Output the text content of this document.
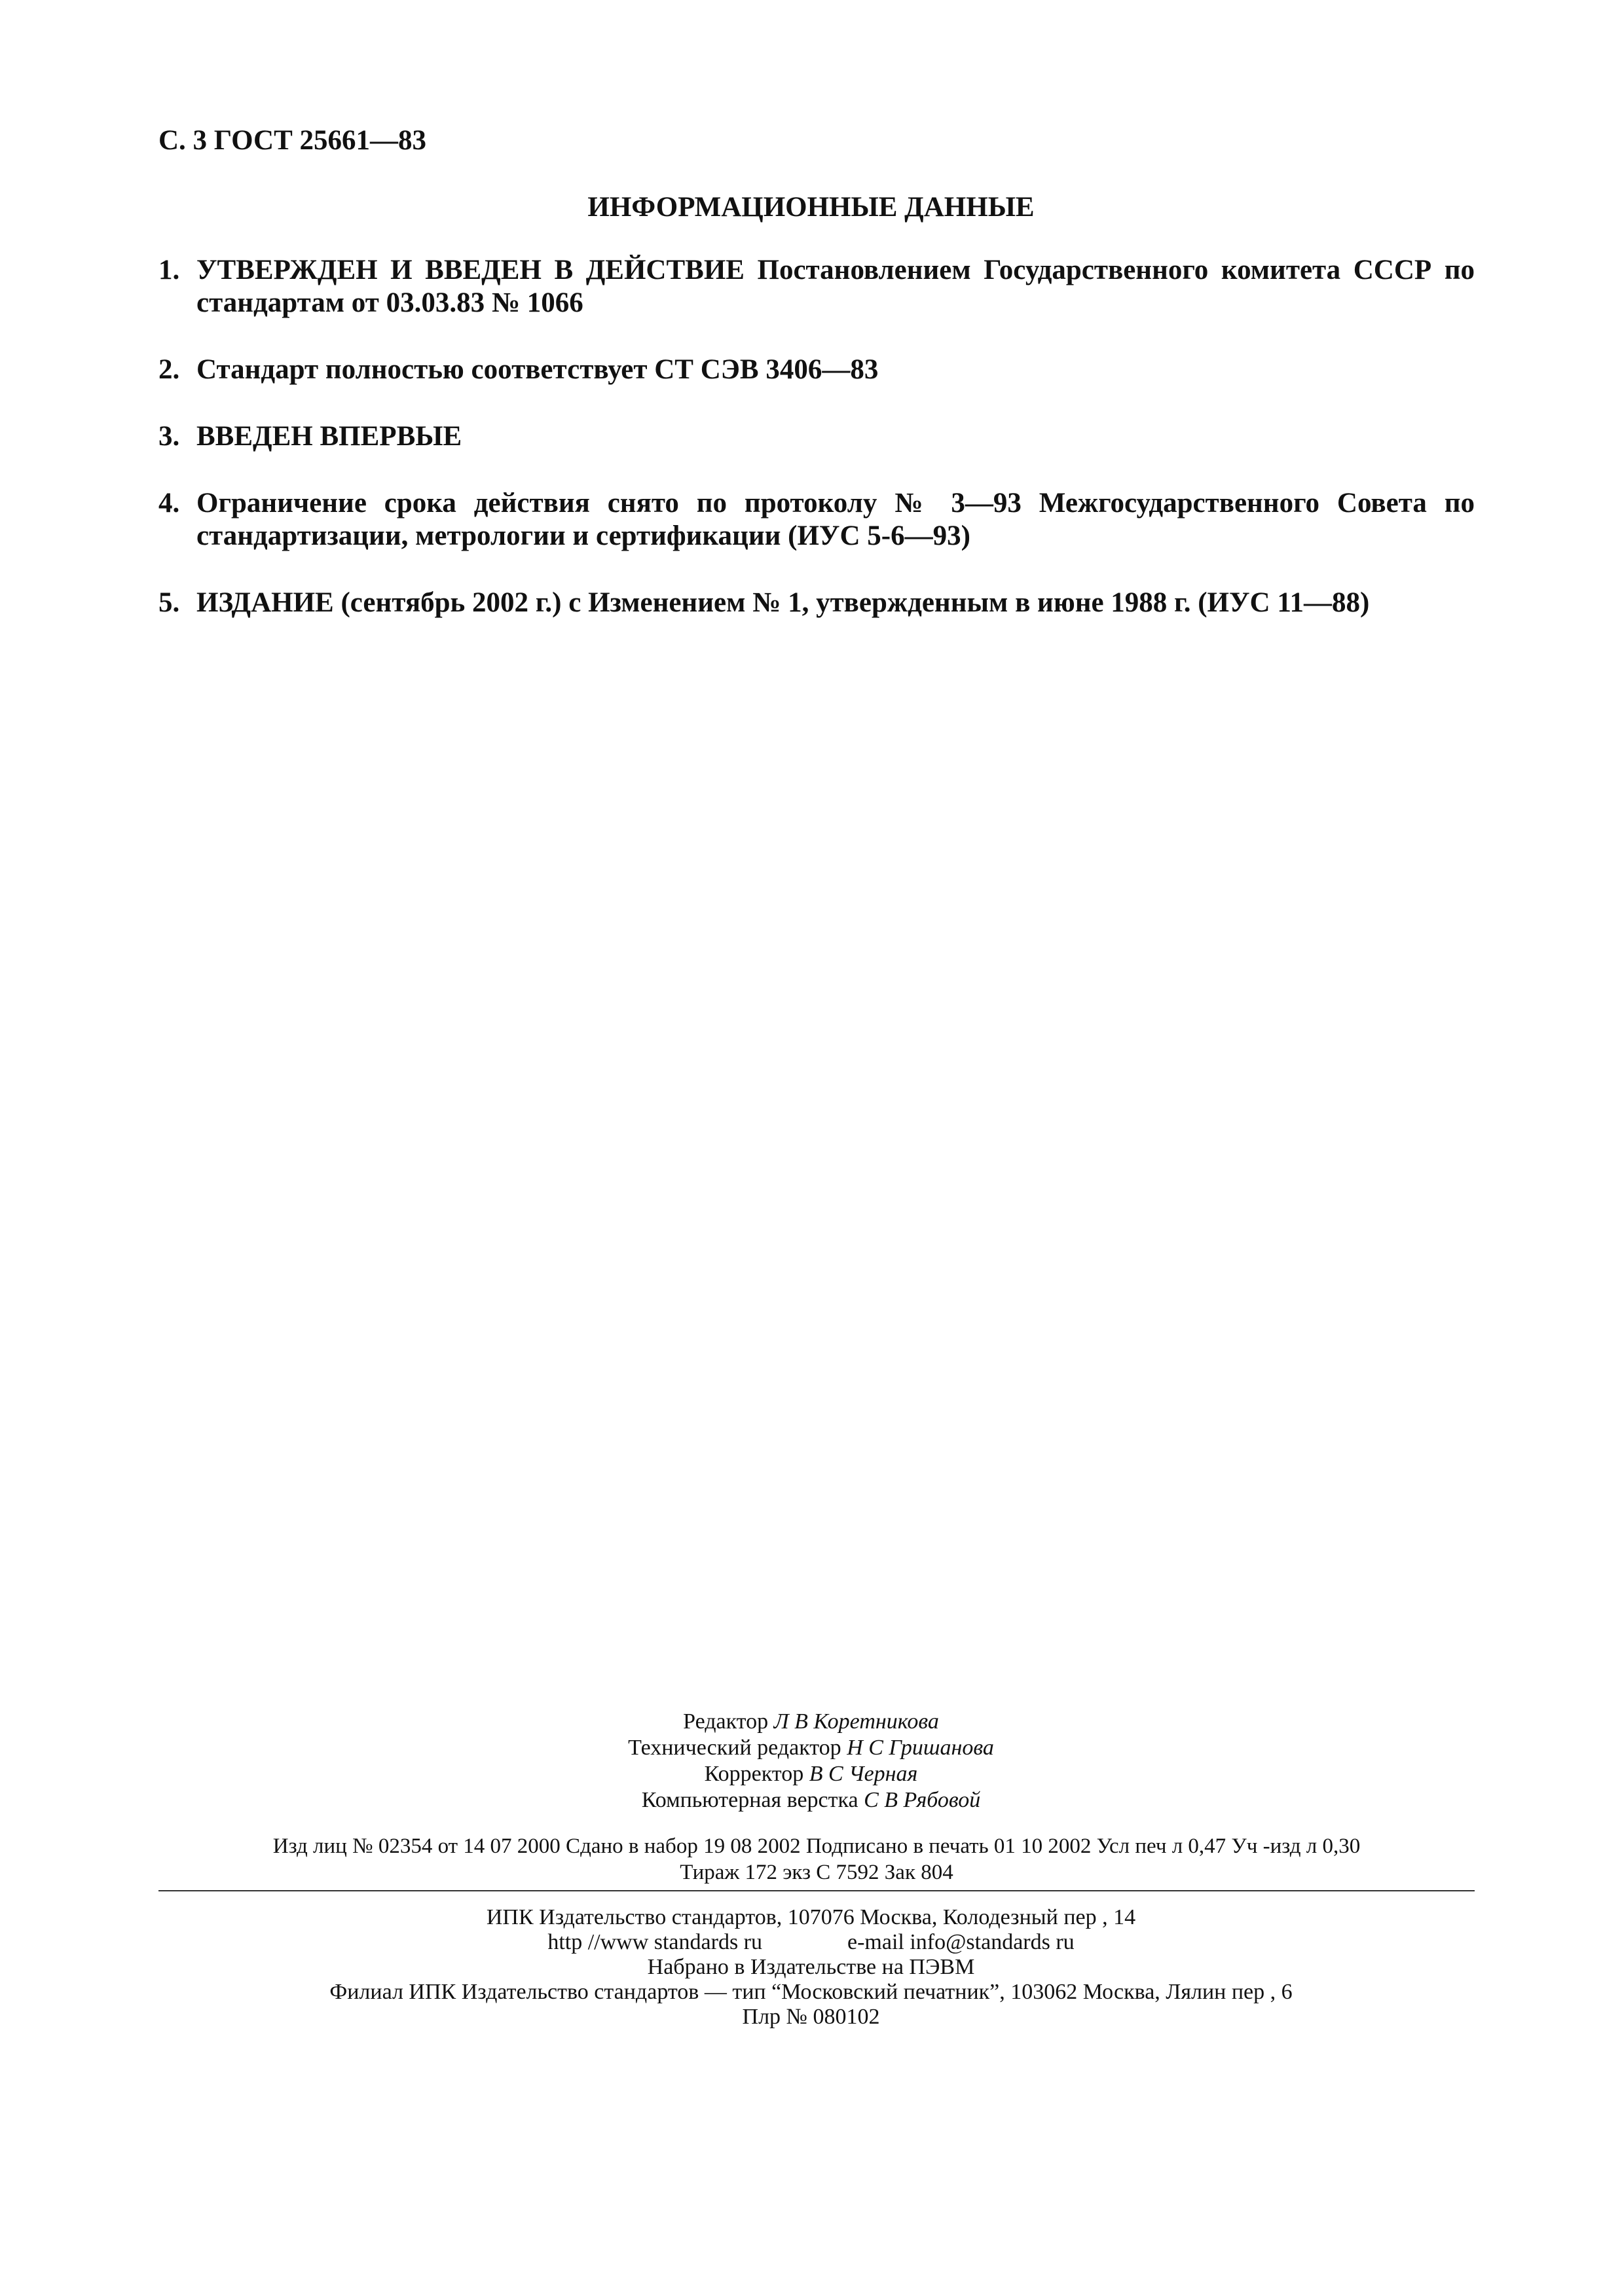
С. 3 ГОСТ 25661—83
ИНФОРМАЦИОННЫЕ ДАННЫЕ
1. УТВЕРЖДЕН И ВВЕДЕН В ДЕЙСТВИЕ Постановлением Государственного комитета СССР по стандартам от 03.03.83 № 1066
2. Стандарт полностью соответствует СТ СЭВ 3406—83
3. ВВЕДЕН ВПЕРВЫЕ
4. Ограничение срока действия снято по протоколу № 3—93 Межгосударственного Совета по стандартизации, метрологии и сертификации (ИУС 5-6—93)
5. ИЗДАНИЕ (сентябрь 2002 г.) с Изменением № 1, утвержденным в июне 1988 г. (ИУС 11—88)
Редактор Л В Коретникова
Технический редактор Н С Гришанова
Корректор В С Черная
Компьютерная верстка С В Рябовой
Изд лиц № 02354 от 14 07 2000 Сдано в набор 19 08 2002 Подписано в печать 01 10 2002 Усл печ л 0,47 Уч -изд л 0,30
Тираж 172 экз С 7592 Зак 804
ИПК Издательство стандартов, 107076 Москва, Колодезный пер , 14
http //www standards ru	e-mail info@standards ru
Набрано в Издательстве на ПЭВМ
Филиал ИПК Издательство стандартов — тип “Московский печатник”, 103062 Москва, Лялин пер , 6
Плр № 080102
